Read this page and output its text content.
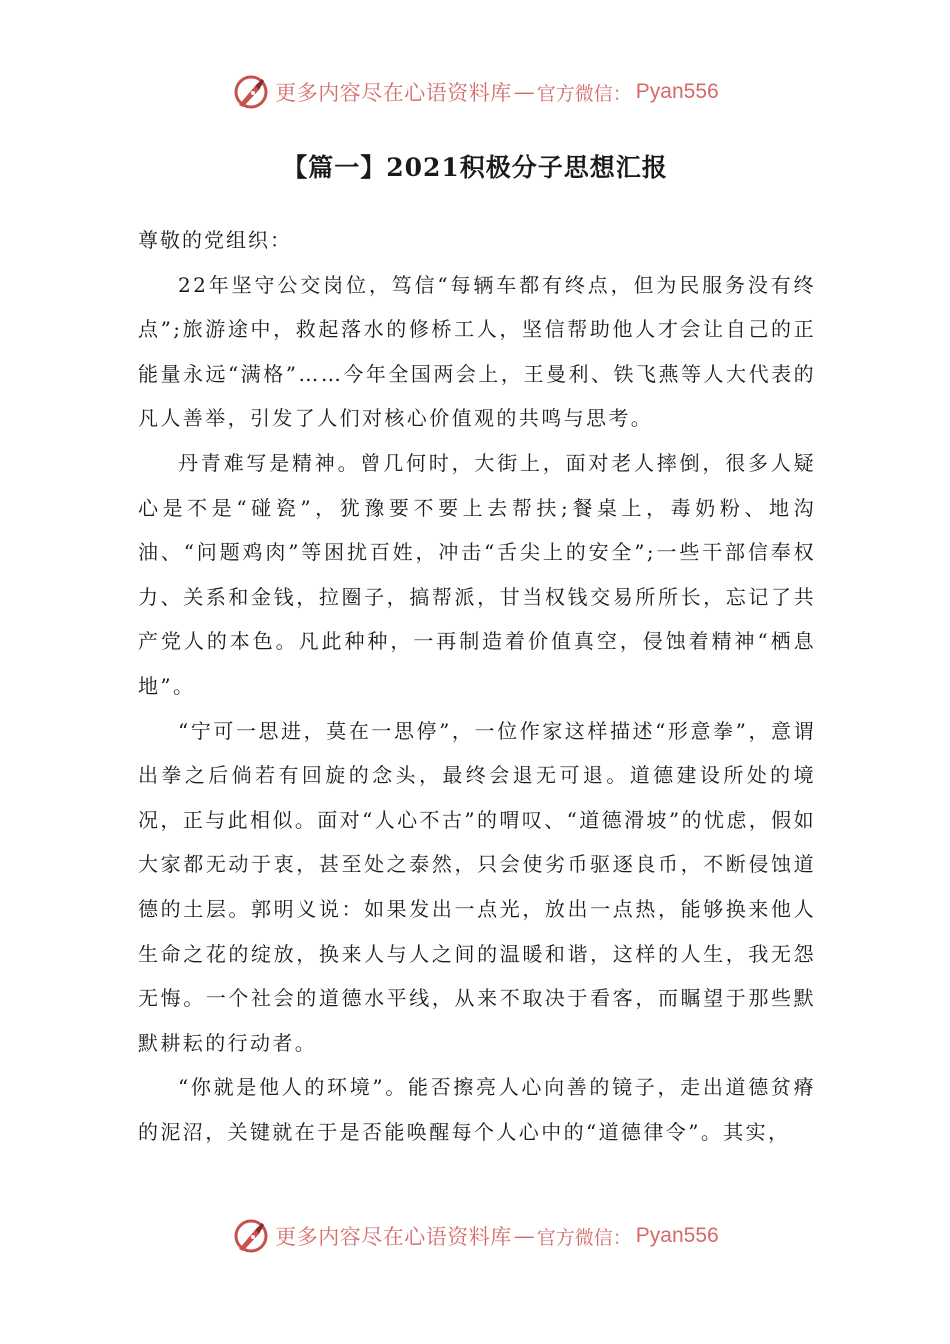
更多内容尽在心语资料库 — 官方微信： Pyan556
【篇一】2021积极分子思想汇报

尊敬的党组织：

22年坚守公交岗位，笃信“每辆车都有终点，但为民服务没有终点”;旅游途中，救起落水的修桥工人，坚信帮助他人才会让自己的正能量永远“满格”……今年全国两会上，王曼利、铁飞燕等人大代表的凡人善举，引发了人们对核心价值观的共鸣与思考。

丹青难写是精神。曾几何时，大街上，面对老人摔倒，很多人疑心是不是“碰瓷”，犹豫要不要上去帮扶;餐桌上，毒奶粉、地沟油、“问题鸡肉”等困扰百姓，冲击“舌尖上的安全”;一些干部信奉权力、关系和金钱，拉圈子，搞帮派，甘当权钱交易所所长，忘记了共产党人的本色。凡此种种，一再制造着价值真空，侵蚀着精神“栖息地”。

“宁可一思进，莫在一思停”，一位作家这样描述“形意拳”，意谓出拳之后倘若有回旋的念头，最终会退无可退。道德建设所处的境况，正与此相似。面对“人心不古”的喟叹、“道德滑坡”的忧虑，假如大家都无动于衷，甚至处之泰然，只会使劣币驱逐良币，不断侵蚀道德的土层。郭明义说：如果发出一点光，放出一点热，能够换来他人生命之花的绽放，换来人与人之间的温暖和谐，这样的人生，我无怨无悔。一个社会的道德水平线，从来不取决于看客，而瞩望于那些默默耕耘的行动者。

“你就是他人的环境”。能否擦亮人心向善的镜子，走出道德贫瘠的泥沼，关键就在于是否能唤醒每个人心中的“道德律令”。其实，

更多内容尽在心语资料库 — 官方微信： Pyan556
